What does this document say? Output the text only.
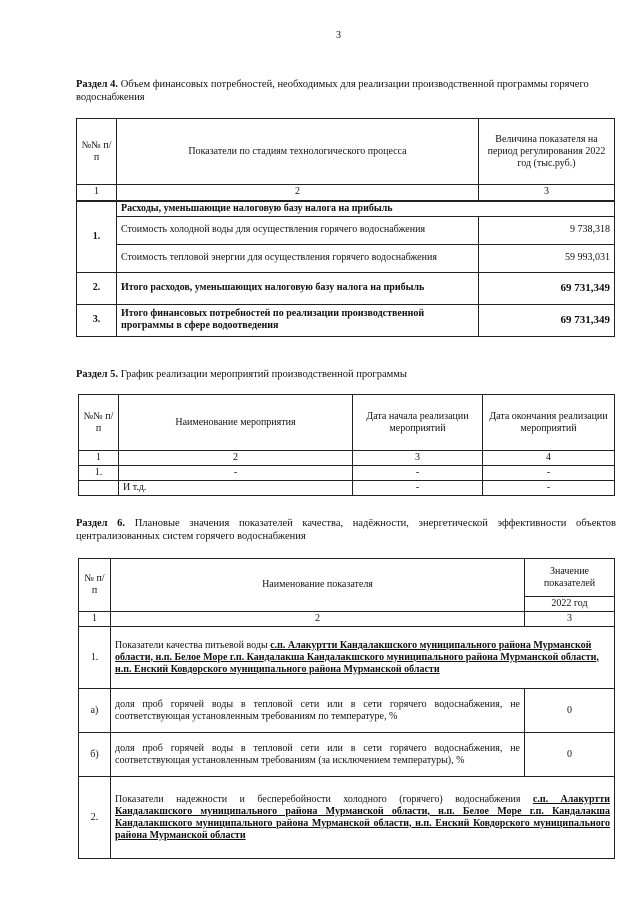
3
Раздел 4. Объем финансовых потребностей, необходимых для реализации производственной программы горячего водоснабжения
№№ п/п	Показатели по стадиям технологического процесса	Величина показателя на период регулирования 2022 год (тыс.руб.)
1	2	3
1.	Расходы, уменьшающие налоговую базу налога на прибыль	
	Стоимость холодной воды для осуществления горячего водоснабжения	9 738,318
	Стоимость тепловой энергии для осуществления горячего водоснабжения	59 993,031
2.	Итого расходов, уменьшающих налоговую базу налога на прибыль	69 731,349
3.	Итого финансовых потребностей по реализации производственной программы в сфере водоотведения	69 731,349
Раздел 5. График реализации мероприятий производственной программы
№№ п/п	Наименование мероприятия	Дата начала реализации мероприятий	Дата окончания реализации мероприятий
1	2	3	4
1.	-	-	-
	И т.д.	-	-
Раздел 6. Плановые значения показателей качества, надёжности, энергетической эффективности объектов централизованных систем горячего водоснабжения
№ п/п	Наименование показателя	Значение показателей
		2022 год
1	2	3
1.	Показатели качества питьевой воды с.п. Алакуртти Кандалакшского муниципального района Мурманской области, н.п. Белое Море г.п. Кандалакша Кандалакшского муниципального района Мурманской области, н.п. Енский Ковдорского муниципального района Мурманской области	
а)	доля проб горячей воды в тепловой сети или в сети горячего водоснабжения, не соответствующая установленным требованиям по температуре, %	0
б)	доля проб горячей воды в тепловой сети или в сети горячего водоснабжения, не соответствующая установленным требованиям (за исключением температуры), %	0
2.	Показатели надежности и бесперебойности холодного (горячего) водоснабжения с.п. Алакуртти Кандалакшского муниципального района Мурманской области, н.п. Белое Море г.п. Кандалакша Кандалакшского муниципального района Мурманской области, н.п. Енский Ковдорского муниципального района Мурманской области	
